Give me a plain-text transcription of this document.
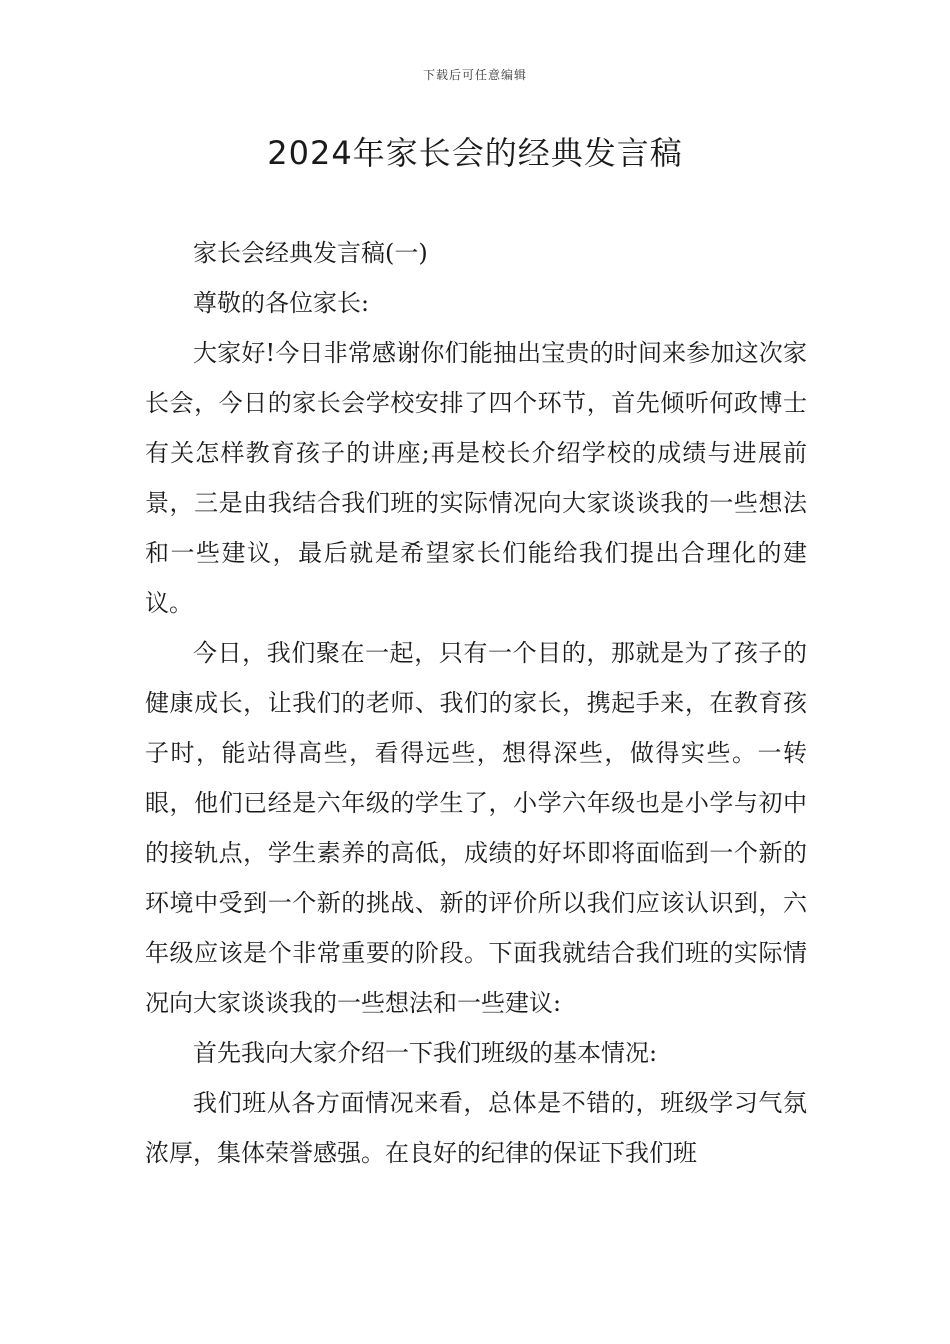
下载后可任意编辑
2024年家长会的经典发言稿

家长会经典发言稿(一)

尊敬的各位家长:

大家好!今日非常感谢你们能抽出宝贵的时间来参加这次家长会，今日的家长会学校安排了四个环节，首先倾听何政博士有关怎样教育孩子的讲座;再是校长介绍学校的成绩与进展前景，三是由我结合我们班的实际情况向大家谈谈我的一些想法和一些建议，最后就是希望家长们能给我们提出合理化的建议。

今日，我们聚在一起，只有一个目的，那就是为了孩子的健康成长，让我们的老师、我们的家长，携起手来，在教育孩子时，能站得高些，看得远些，想得深些，做得实些。一转眼，他们已经是六年级的学生了，小学六年级也是小学与初中的接轨点，学生素养的高低，成绩的好坏即将面临到一个新的环境中受到一个新的挑战、新的评价所以我们应该认识到，六年级应该是个非常重要的阶段。下面我就结合我们班的实际情况向大家谈谈我的一些想法和一些建议:

首先我向大家介绍一下我们班级的基本情况:

我们班从各方面情况来看，总体是不错的，班级学习气氛浓厚，集体荣誉感强。在良好的纪律的保证下我们班
